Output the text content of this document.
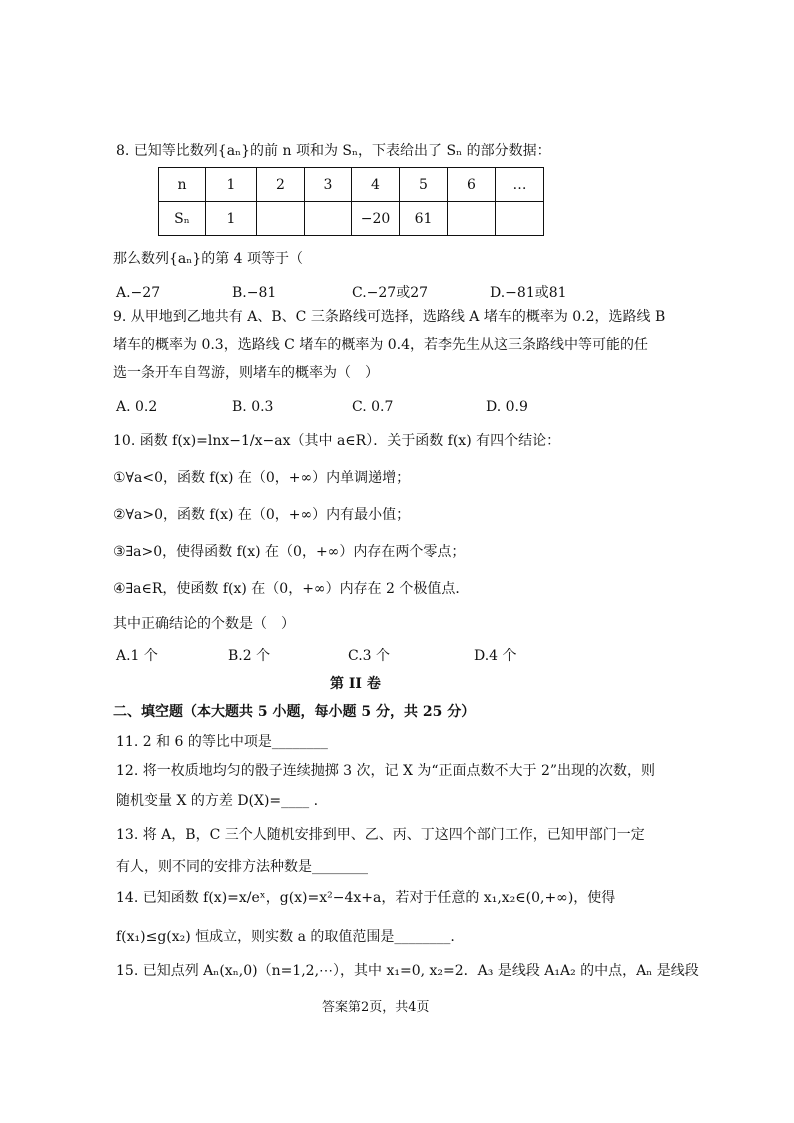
8. 已知等比数列{aₙ}的前 n 项和为 Sₙ，下表给出了 Sₙ 的部分数据：
n	1	2	3	4	5	6	…
Sₙ	1			−20	61		
那么数列{aₙ}的第 4 项等于（
A.−27	B.−81	C.−27或27	D.−81或81
9. 从甲地到乙地共有 A、B、C 三条路线可选择，选路线 A 堵车的概率为 0.2，选路线 B
堵车的概率为 0.3，选路线 C 堵车的概率为 0.4，若李先生从这三条路线中等可能的任
选一条开车自驾游，则堵车的概率为（　）
A. 0.2	B. 0.3	C. 0.7	D. 0.9
10. 函数 f(x)=lnx−1/x−ax（其中 a∈R）．关于函数 f(x) 有四个结论：
①∀a<0，函数 f(x) 在（0，+∞）内单调递增；
②∀a>0，函数 f(x) 在（0，+∞）内有最小值；
③∃a>0，使得函数 f(x) 在（0，+∞）内存在两个零点；
④∃a∈R，使函数 f(x) 在（0，+∞）内存在 2 个极值点．
其中正确结论的个数是（　）
A.1 个	B.2 个	C.3 个	D.4 个
第 II 卷
二、填空题（本大题共 5 小题，每小题 5 分，共 25 分）
11. 2 和 6 的等比中项是________
12. 将一枚质地均匀的骰子连续抛掷 3 次，记 X 为“正面点数不大于 2”出现的次数，则
随机变量 X 的方差 D(X)=____ .
13. 将 A，B，C 三个人随机安排到甲、乙、丙、丁这四个部门工作，已知甲部门一定
有人，则不同的安排方法种数是________
14. 已知函数 f(x)=x/eˣ，g(x)=x²−4x+a，若对于任意的 x₁,x₂∈(0,+∞)，使得
f(x₁)≤g(x₂) 恒成立，则实数 a 的取值范围是________.
15. 已知点列 Aₙ(xₙ,0)（n=1,2,⋯），其中 x₁=0, x₂=2．A₃ 是线段 A₁A₂ 的中点，Aₙ 是线段
答案第2页，共4页
